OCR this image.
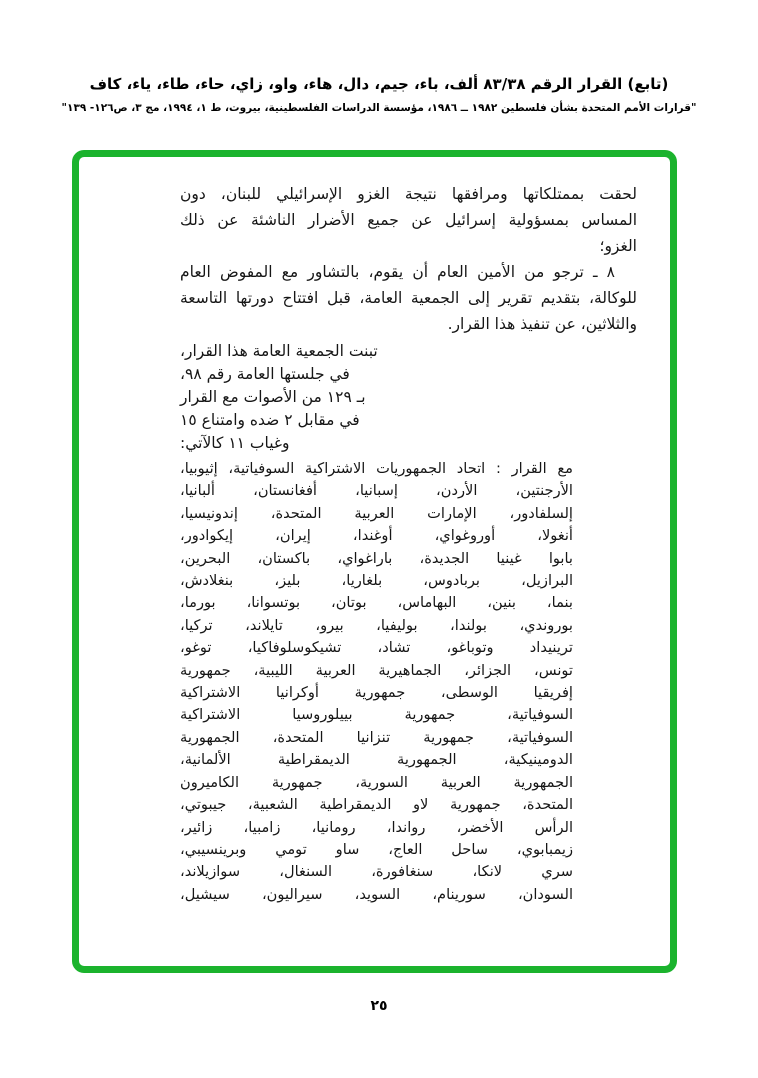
(تابع) القرار الرقم ٨٣/٣٨ ألف، باء، جيم، دال، هاء، واو، زاي، حاء، طاء، ياء، كاف
"قرارات الأمم المتحدة بشأن فلسطين ١٩٨٢ ــ ١٩٨٦، مؤسسة الدراسات الفلسطينية، بيروت، ط ١، ١٩٩٤، مج ٣، ص١٢٦- ١٣٩"
لحقت بممتلكاتها ومرافقها نتيجة الغزو الإسرائيلي للبنان، دون
المساس بمسؤولية إسرائيل عن جميع الأضرار الناشئة عن ذلك
الغزو؛
٨ ـ ترجو من الأمين العام أن يقوم، بالتشاور مع المفوض العام
للوكالة، بتقديم تقرير إلى الجمعية العامة، قبل افتتاح دورتها التاسعة
والثلاثين، عن تنفيذ هذا القرار.
تبنت الجمعية العامة هذا القرار،
في جلستها العامة رقم ٩٨،
بـ ١٢٩ من الأصوات مع القرار
في مقابل ٢ ضده وامتناع ١٥
وغياب ١١ كالآتي:
مع القرار : اتحاد الجمهوريات الاشتراكية السوفياتية، إثيوبيا،
الأرجنتين، الأردن، إسبانيا، أفغانستان، ألبانيا،
إلسلفادور، الإمارات العربية المتحدة، إندونيسيا،
أنغولا، أوروغواي، أوغندا، إيران، إيكوادور،
بابوا غينيا الجديدة، باراغواي، باكستان، البحرين،
البرازيل، بربادوس، بلغاريا، بليز، بنغلادش،
بنما، بنين، البهاماس، بوتان، بوتسوانا، بورما،
بوروندي، بولندا، بوليفيا، بيرو، تايلاند، تركيا،
ترينيداد وتوباغو، تشاد، تشيكوسلوفاكيا، توغو،
تونس، الجزائر، الجماهيرية العربية الليبية، جمهورية
إفريقيا الوسطى، جمهورية أوكرانيا الاشتراكية
السوفياتية، جمهورية بييلوروسيا الاشتراكية
السوفياتية، جمهورية تنزانيا المتحدة، الجمهورية
الدومينيكية، الجمهورية الديمقراطية الألمانية،
الجمهورية العربية السورية، جمهورية الكاميرون
المتحدة، جمهورية لاو الديمقراطية الشعبية، جيبوتي،
الرأس الأخضر، رواندا، رومانيا، زامبيا، زائير،
زيمبابوي، ساحل العاج، ساو تومي وبرينسيبي،
سري لانكا، سنغافورة، السنغال، سوازيلاند،
السودان، سورينام، السويد، سيراليون، سيشيل،
٢٥
